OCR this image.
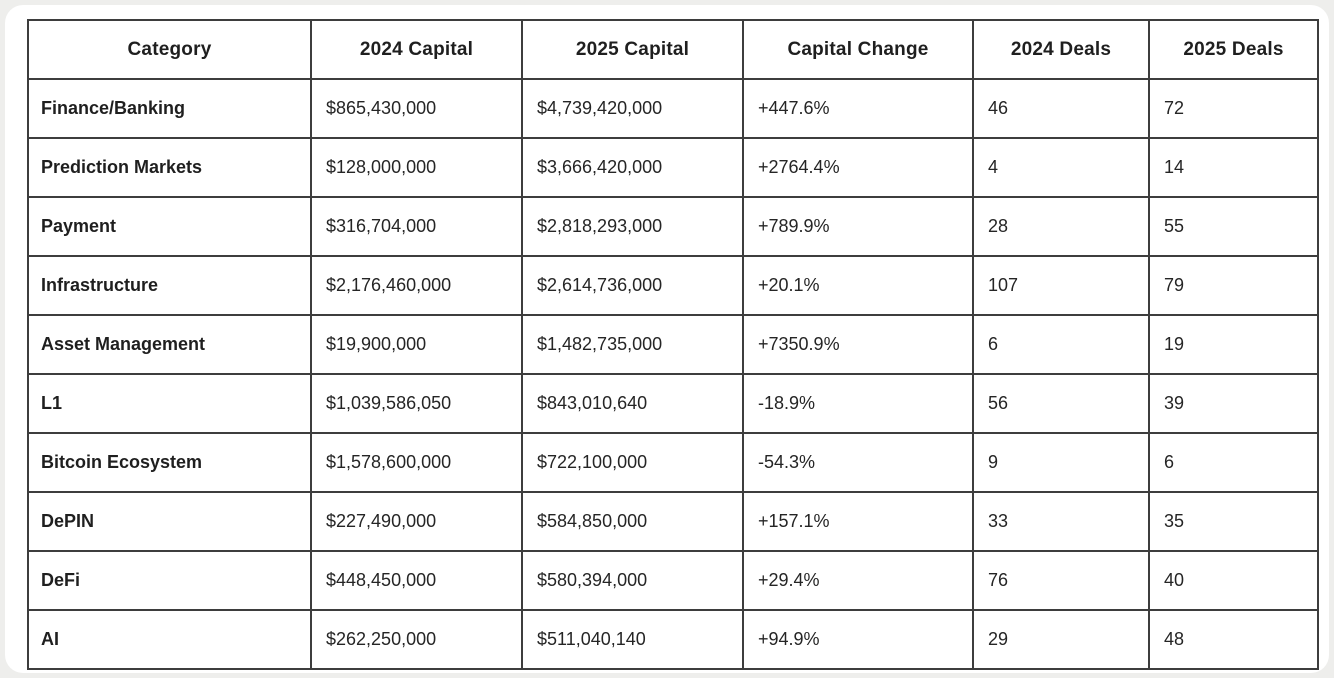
Category	2024 Capital	2025 Capital	Capital Change	2024 Deals	2025 Deals
Finance/Banking	$865,430,000	$4,739,420,000	+447.6%	46	72
Prediction Markets	$128,000,000	$3,666,420,000	+2764.4%	4	14
Payment	$316,704,000	$2,818,293,000	+789.9%	28	55
Infrastructure	$2,176,460,000	$2,614,736,000	+20.1%	107	79
Asset Management	$19,900,000	$1,482,735,000	+7350.9%	6	19
L1	$1,039,586,050	$843,010,640	-18.9%	56	39
Bitcoin Ecosystem	$1,578,600,000	$722,100,000	-54.3%	9	6
DePIN	$227,490,000	$584,850,000	+157.1%	33	35
DeFi	$448,450,000	$580,394,000	+29.4%	76	40
AI	$262,250,000	$511,040,140	+94.9%	29	48
